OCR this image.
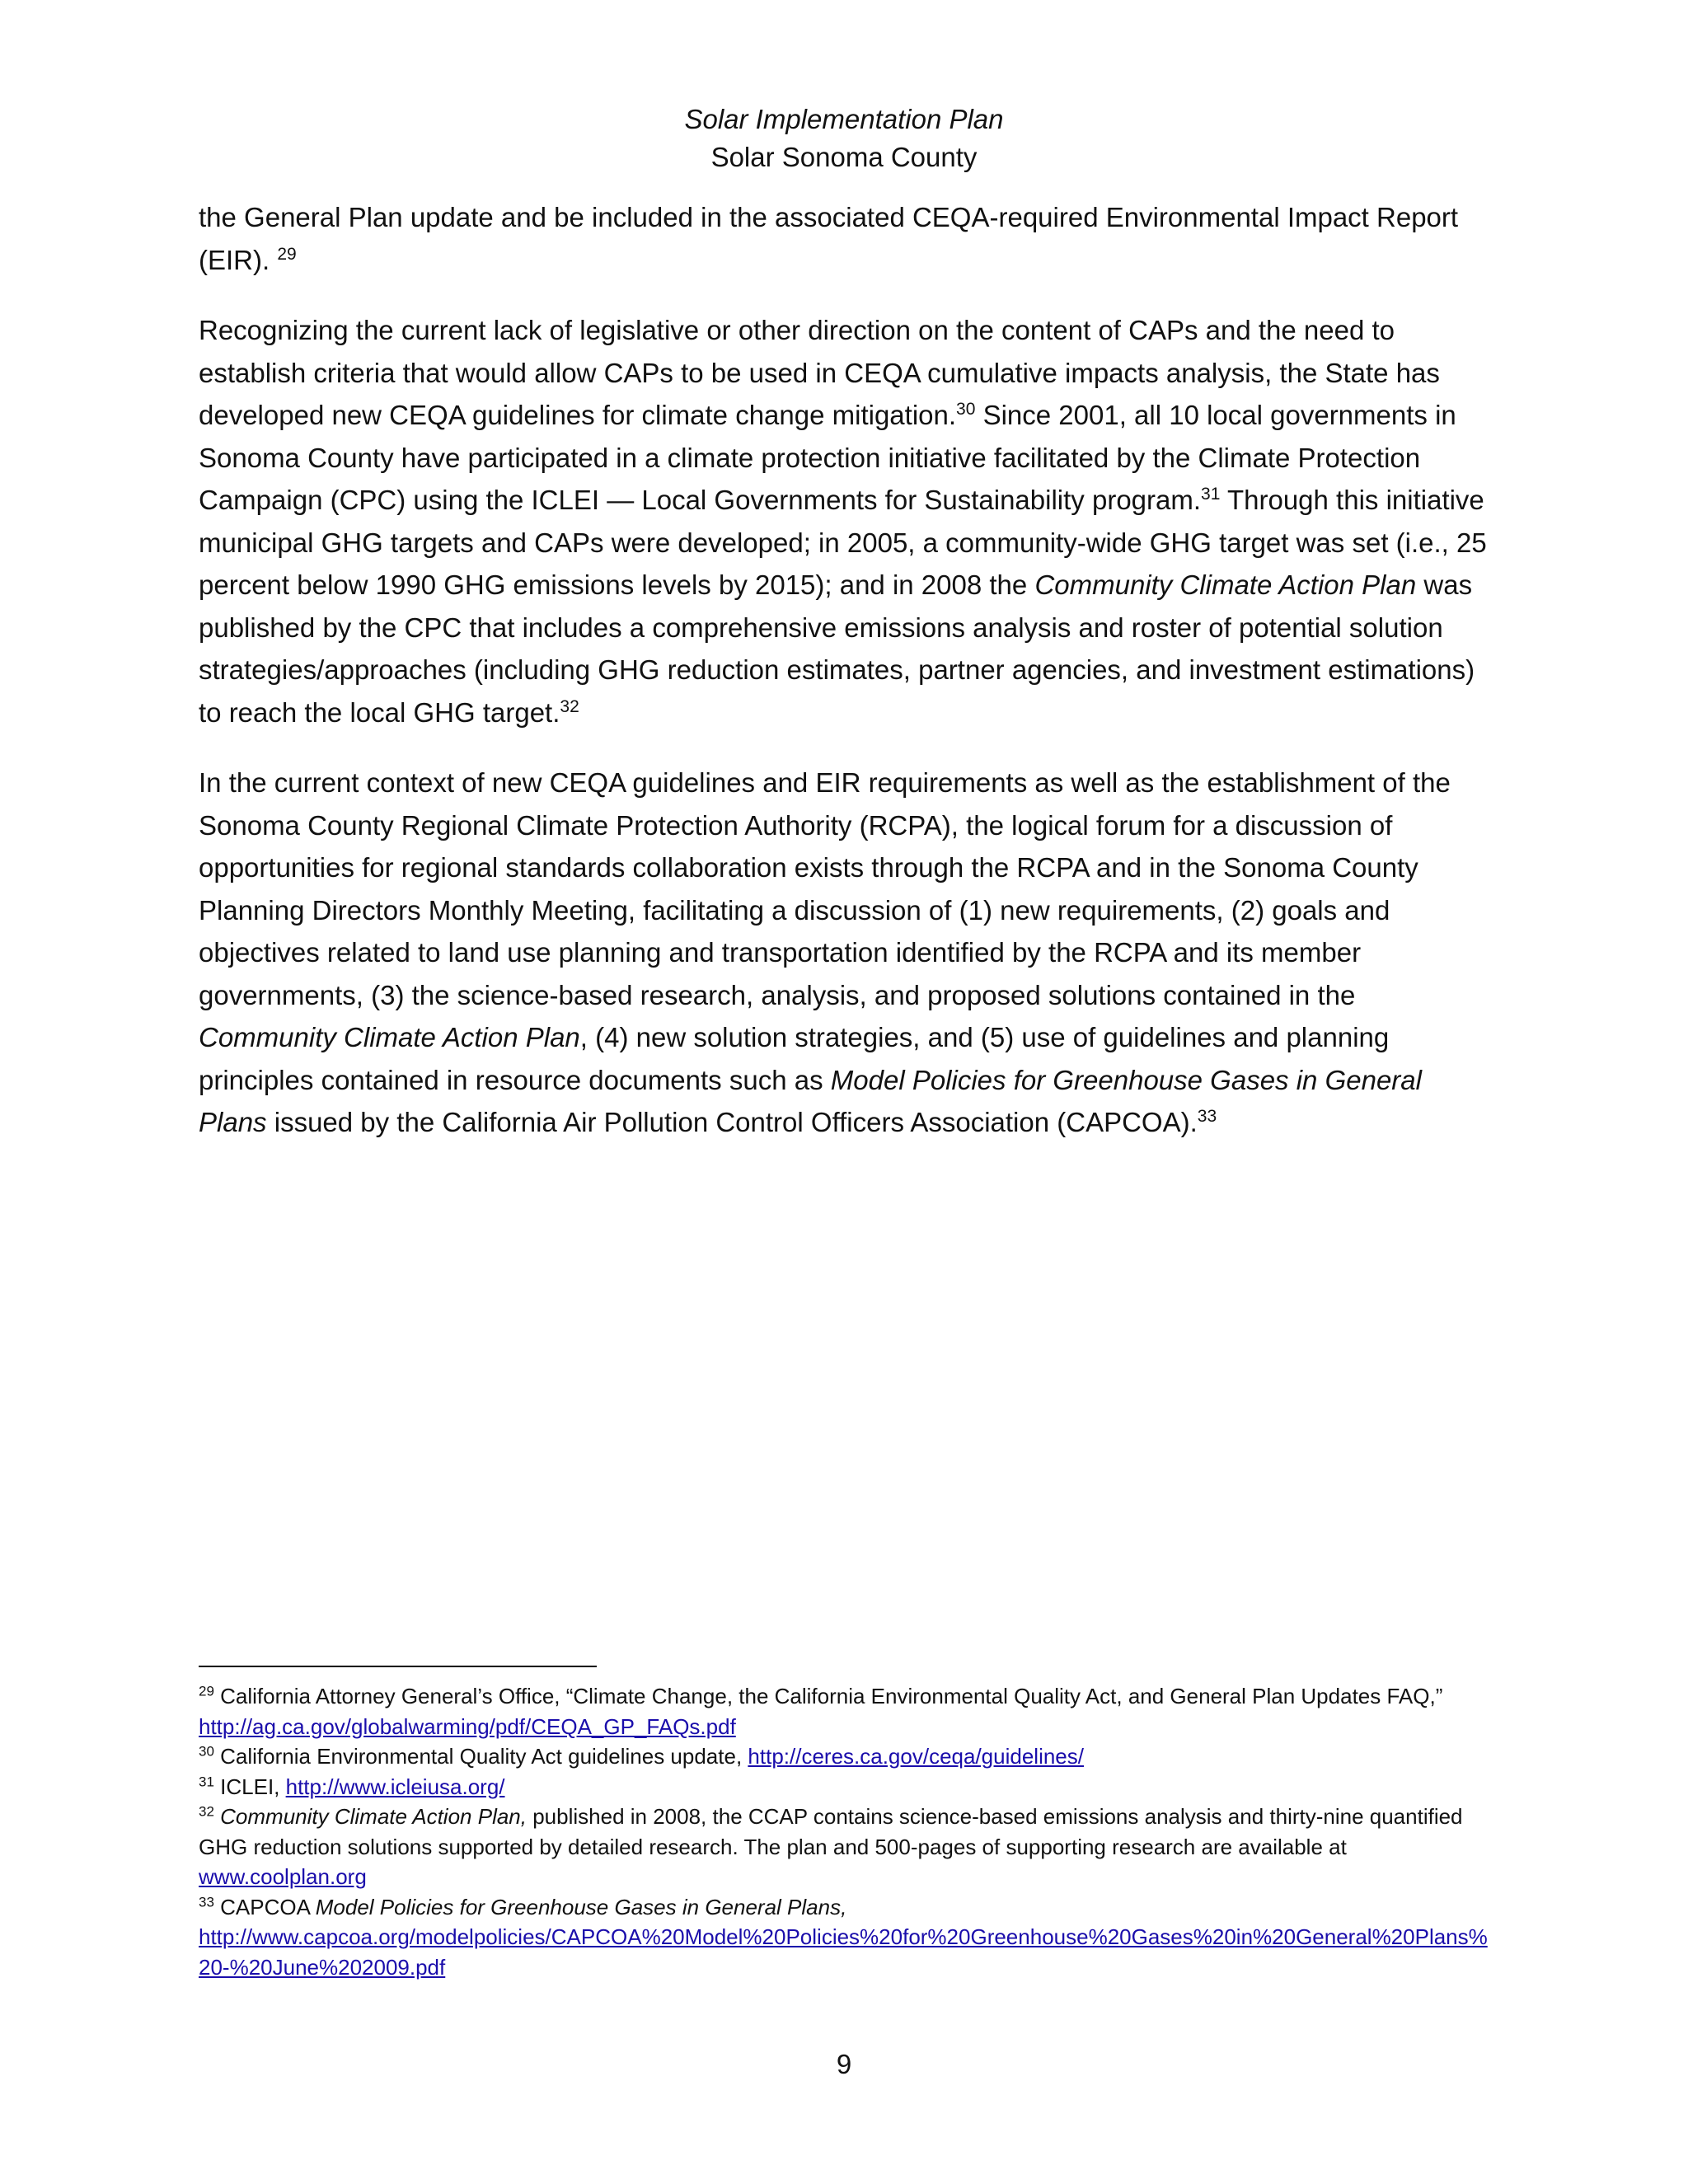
Solar Implementation Plan
Solar Sonoma County

the General Plan update and be included in the associated CEQA-required Environmental Impact Report (EIR). $^{29}$

Recognizing the current lack of legislative or other direction on the content of CAPs and the need to establish criteria that would allow CAPs to be used in CEQA cumulative impacts analysis, the State has developed new CEQA guidelines for climate change mitigation.$^{30}$ Since 2001, all 10 local governments in Sonoma County have participated in a climate protection initiative facilitated by the Climate Protection Campaign (CPC) using the ICLEI — Local Governments for Sustainability program.$^{31}$ Through this initiative municipal GHG targets and CAPs were developed; in 2005, a community-wide GHG target was set (i.e., 25 percent below 1990 GHG emissions levels by 2015); and in 2008 the Community Climate Action Plan was published by the CPC that includes a comprehensive emissions analysis and roster of potential solution strategies/approaches (including GHG reduction estimates, partner agencies, and investment estimations) to reach the local GHG target.$^{32}$

In the current context of new CEQA guidelines and EIR requirements as well as the establishment of the Sonoma County Regional Climate Protection Authority (RCPA), the logical forum for a discussion of opportunities for regional standards collaboration exists through the RCPA and in the Sonoma County Planning Directors Monthly Meeting, facilitating a discussion of (1) new requirements, (2) goals and objectives related to land use planning and transportation identified by the RCPA and its member governments, (3) the science-based research, analysis, and proposed solutions contained in the Community Climate Action Plan, (4) new solution strategies, and (5) use of guidelines and planning principles contained in resource documents such as Model Policies for Greenhouse Gases in General Plans issued by the California Air Pollution Control Officers Association (CAPCOA).$^{33}$

$^{29}$ California Attorney General’s Office, “Climate Change, the California Environmental Quality Act, and General Plan Updates FAQ,” http://ag.ca.gov/globalwarming/pdf/CEQA_GP_FAQs.pdf

$^{30}$ California Environmental Quality Act guidelines update, http://ceres.ca.gov/ceqa/guidelines/

$^{31}$ ICLEI, http://www.icleiusa.org/

$^{32}$ Community Climate Action Plan, published in 2008, the CCAP contains science-based emissions analysis and thirty-nine quantified GHG reduction solutions supported by detailed research. The plan and 500-pages of supporting research are available at www.coolplan.org

$^{33}$ CAPCOA Model Policies for Greenhouse Gases in General Plans,
http://www.capcoa.org/modelpolicies/CAPCOA%20Model%20Policies%20for%20Greenhouse%20Gases%20in%20General%20Plans%20-%20June%202009.pdf

9
